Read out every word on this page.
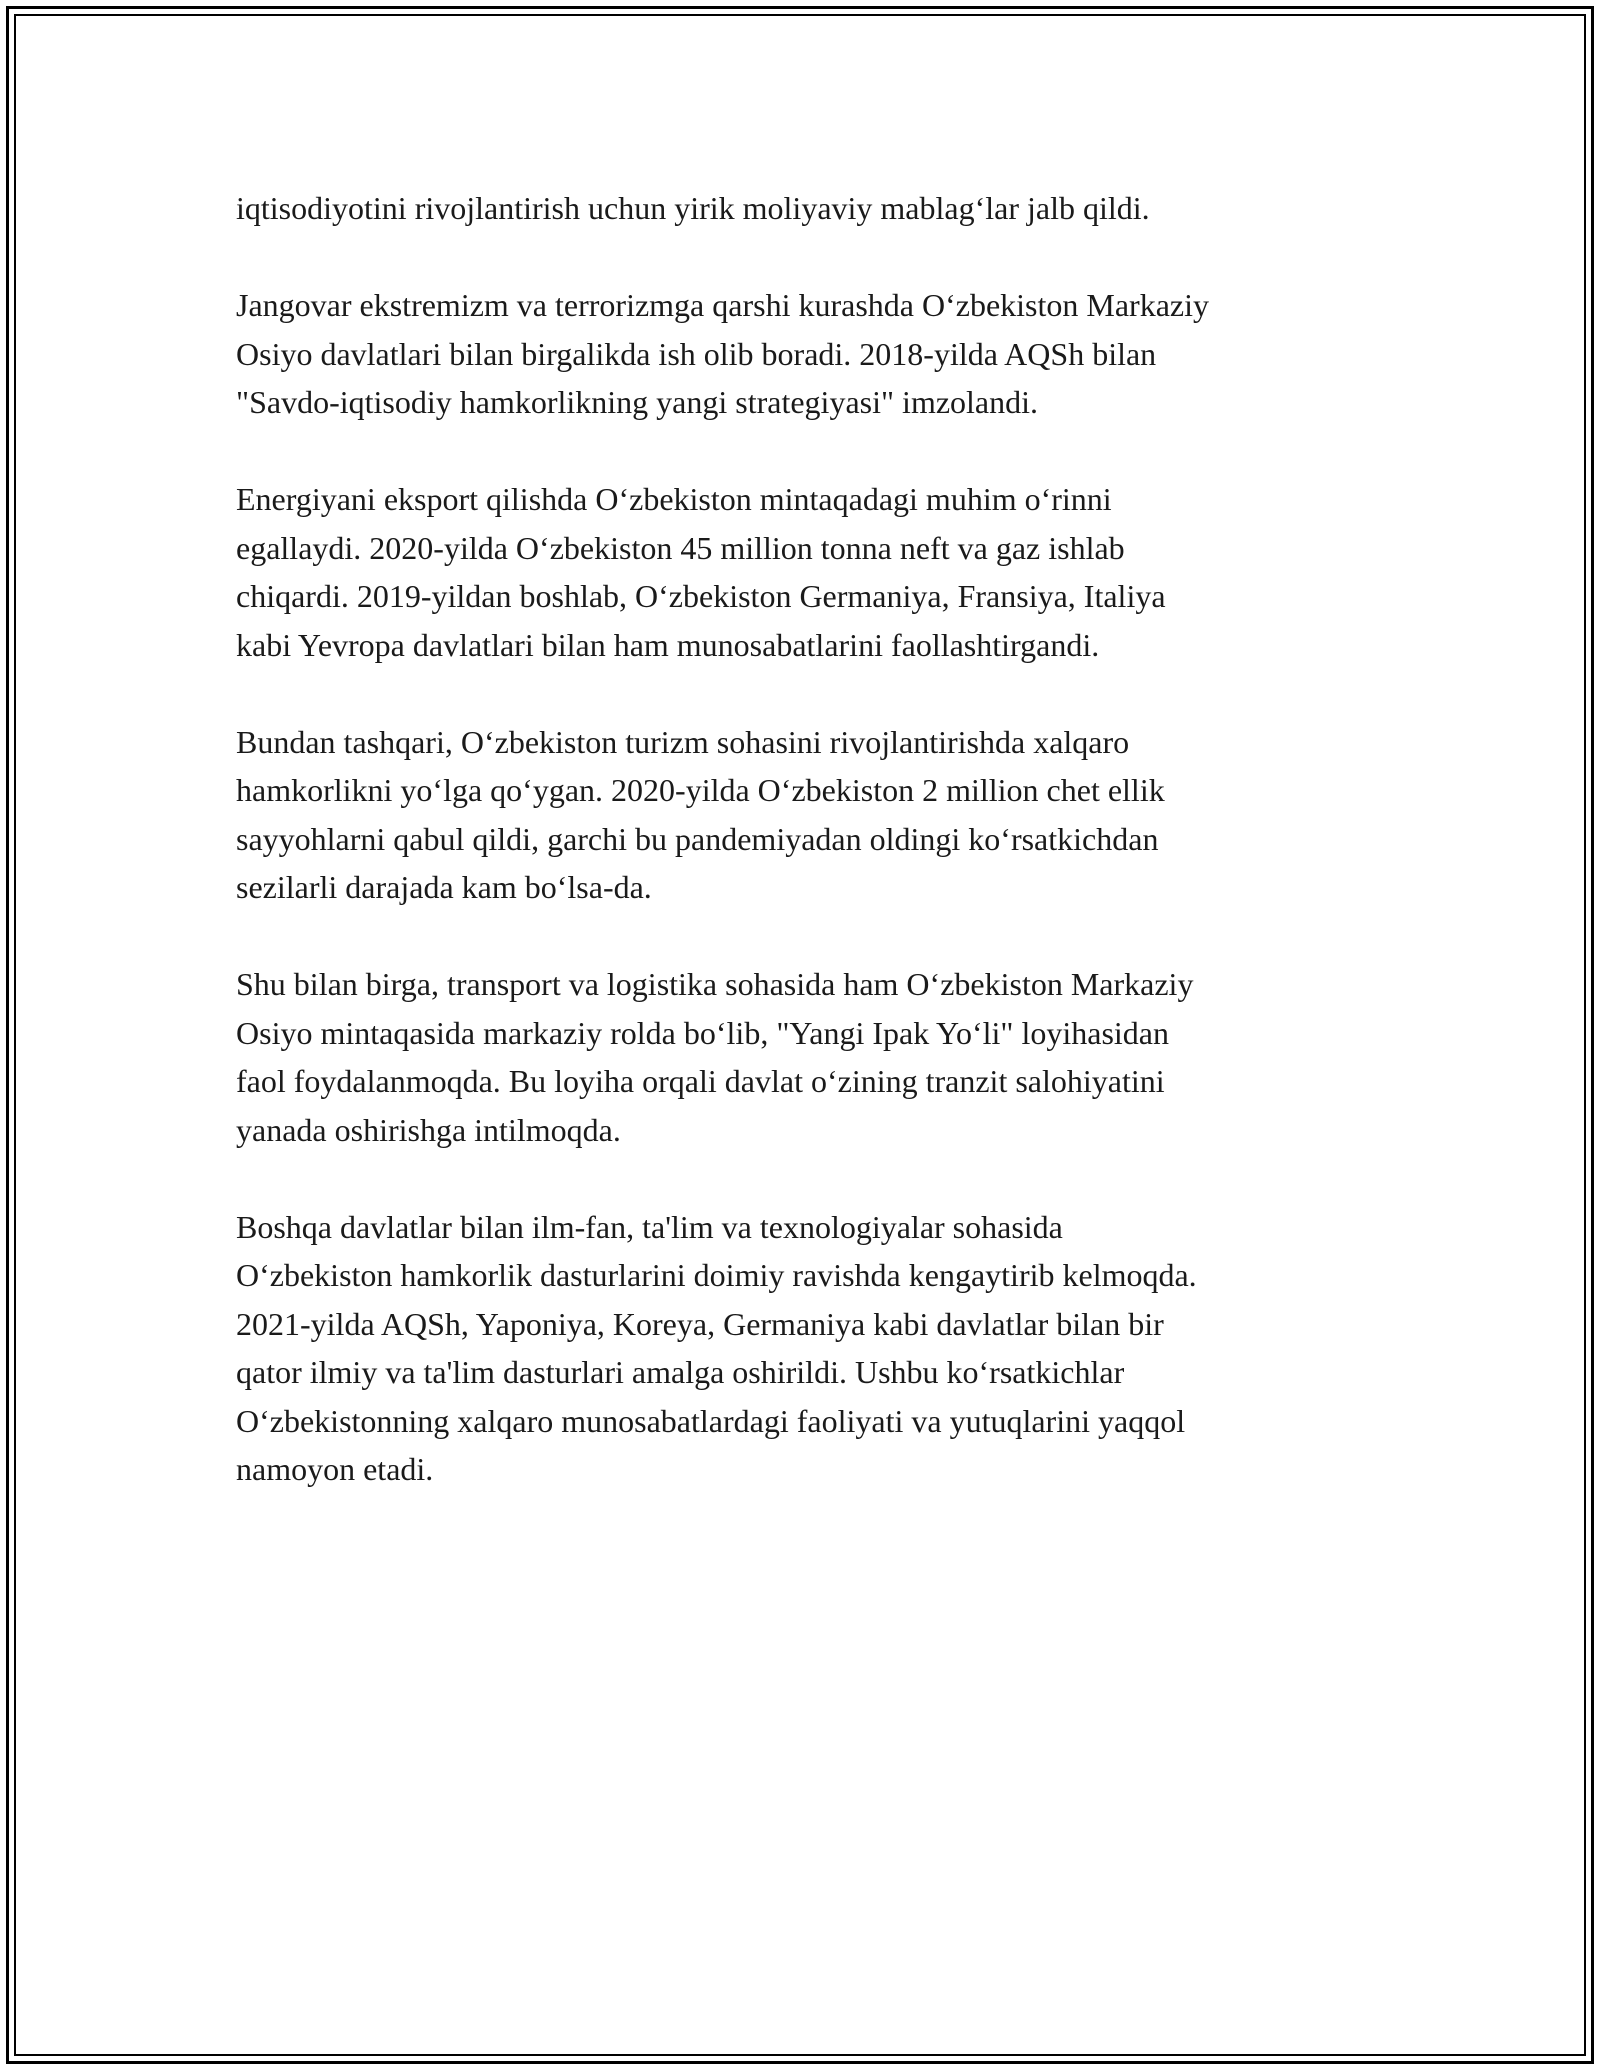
iqtisodiyotini rivojlantirish uchun yirik moliyaviy mablag‘lar jalb qildi.

Jangovar ekstremizm va terrorizmga qarshi kurashda O‘zbekiston Markaziy
Osiyo davlatlari bilan birgalikda ish olib boradi. 2018-yilda AQSh bilan
"Savdo-iqtisodiy hamkorlikning yangi strategiyasi" imzolandi.

Energiyani eksport qilishda O‘zbekiston mintaqadagi muhim o‘rinni
egallaydi. 2020-yilda O‘zbekiston 45 million tonna neft va gaz ishlab
chiqardi. 2019-yildan boshlab, O‘zbekiston Germaniya, Fransiya, Italiya
kabi Yevropa davlatlari bilan ham munosabatlarini faollashtirgandi.

Bundan tashqari, O‘zbekiston turizm sohasini rivojlantirishda xalqaro
hamkorlikni yo‘lga qo‘ygan. 2020-yilda O‘zbekiston 2 million chet ellik
sayyohlarni qabul qildi, garchi bu pandemiyadan oldingi ko‘rsatkichdan
sezilarli darajada kam bo‘lsa-da.

Shu bilan birga, transport va logistika sohasida ham O‘zbekiston Markaziy
Osiyo mintaqasida markaziy rolda bo‘lib, "Yangi Ipak Yo‘li" loyihasidan
faol foydalanmoqda. Bu loyiha orqali davlat o‘zining tranzit salohiyatini
yanada oshirishga intilmoqda.

Boshqa davlatlar bilan ilm-fan, ta'lim va texnologiyalar sohasida
O‘zbekiston hamkorlik dasturlarini doimiy ravishda kengaytirib kelmoqda.
2021-yilda AQSh, Yaponiya, Koreya, Germaniya kabi davlatlar bilan bir
qator ilmiy va ta'lim dasturlari amalga oshirildi. Ushbu ko‘rsatkichlar
O‘zbekistonning xalqaro munosabatlardagi faoliyati va yutuqlarini yaqqol
namoyon etadi.
